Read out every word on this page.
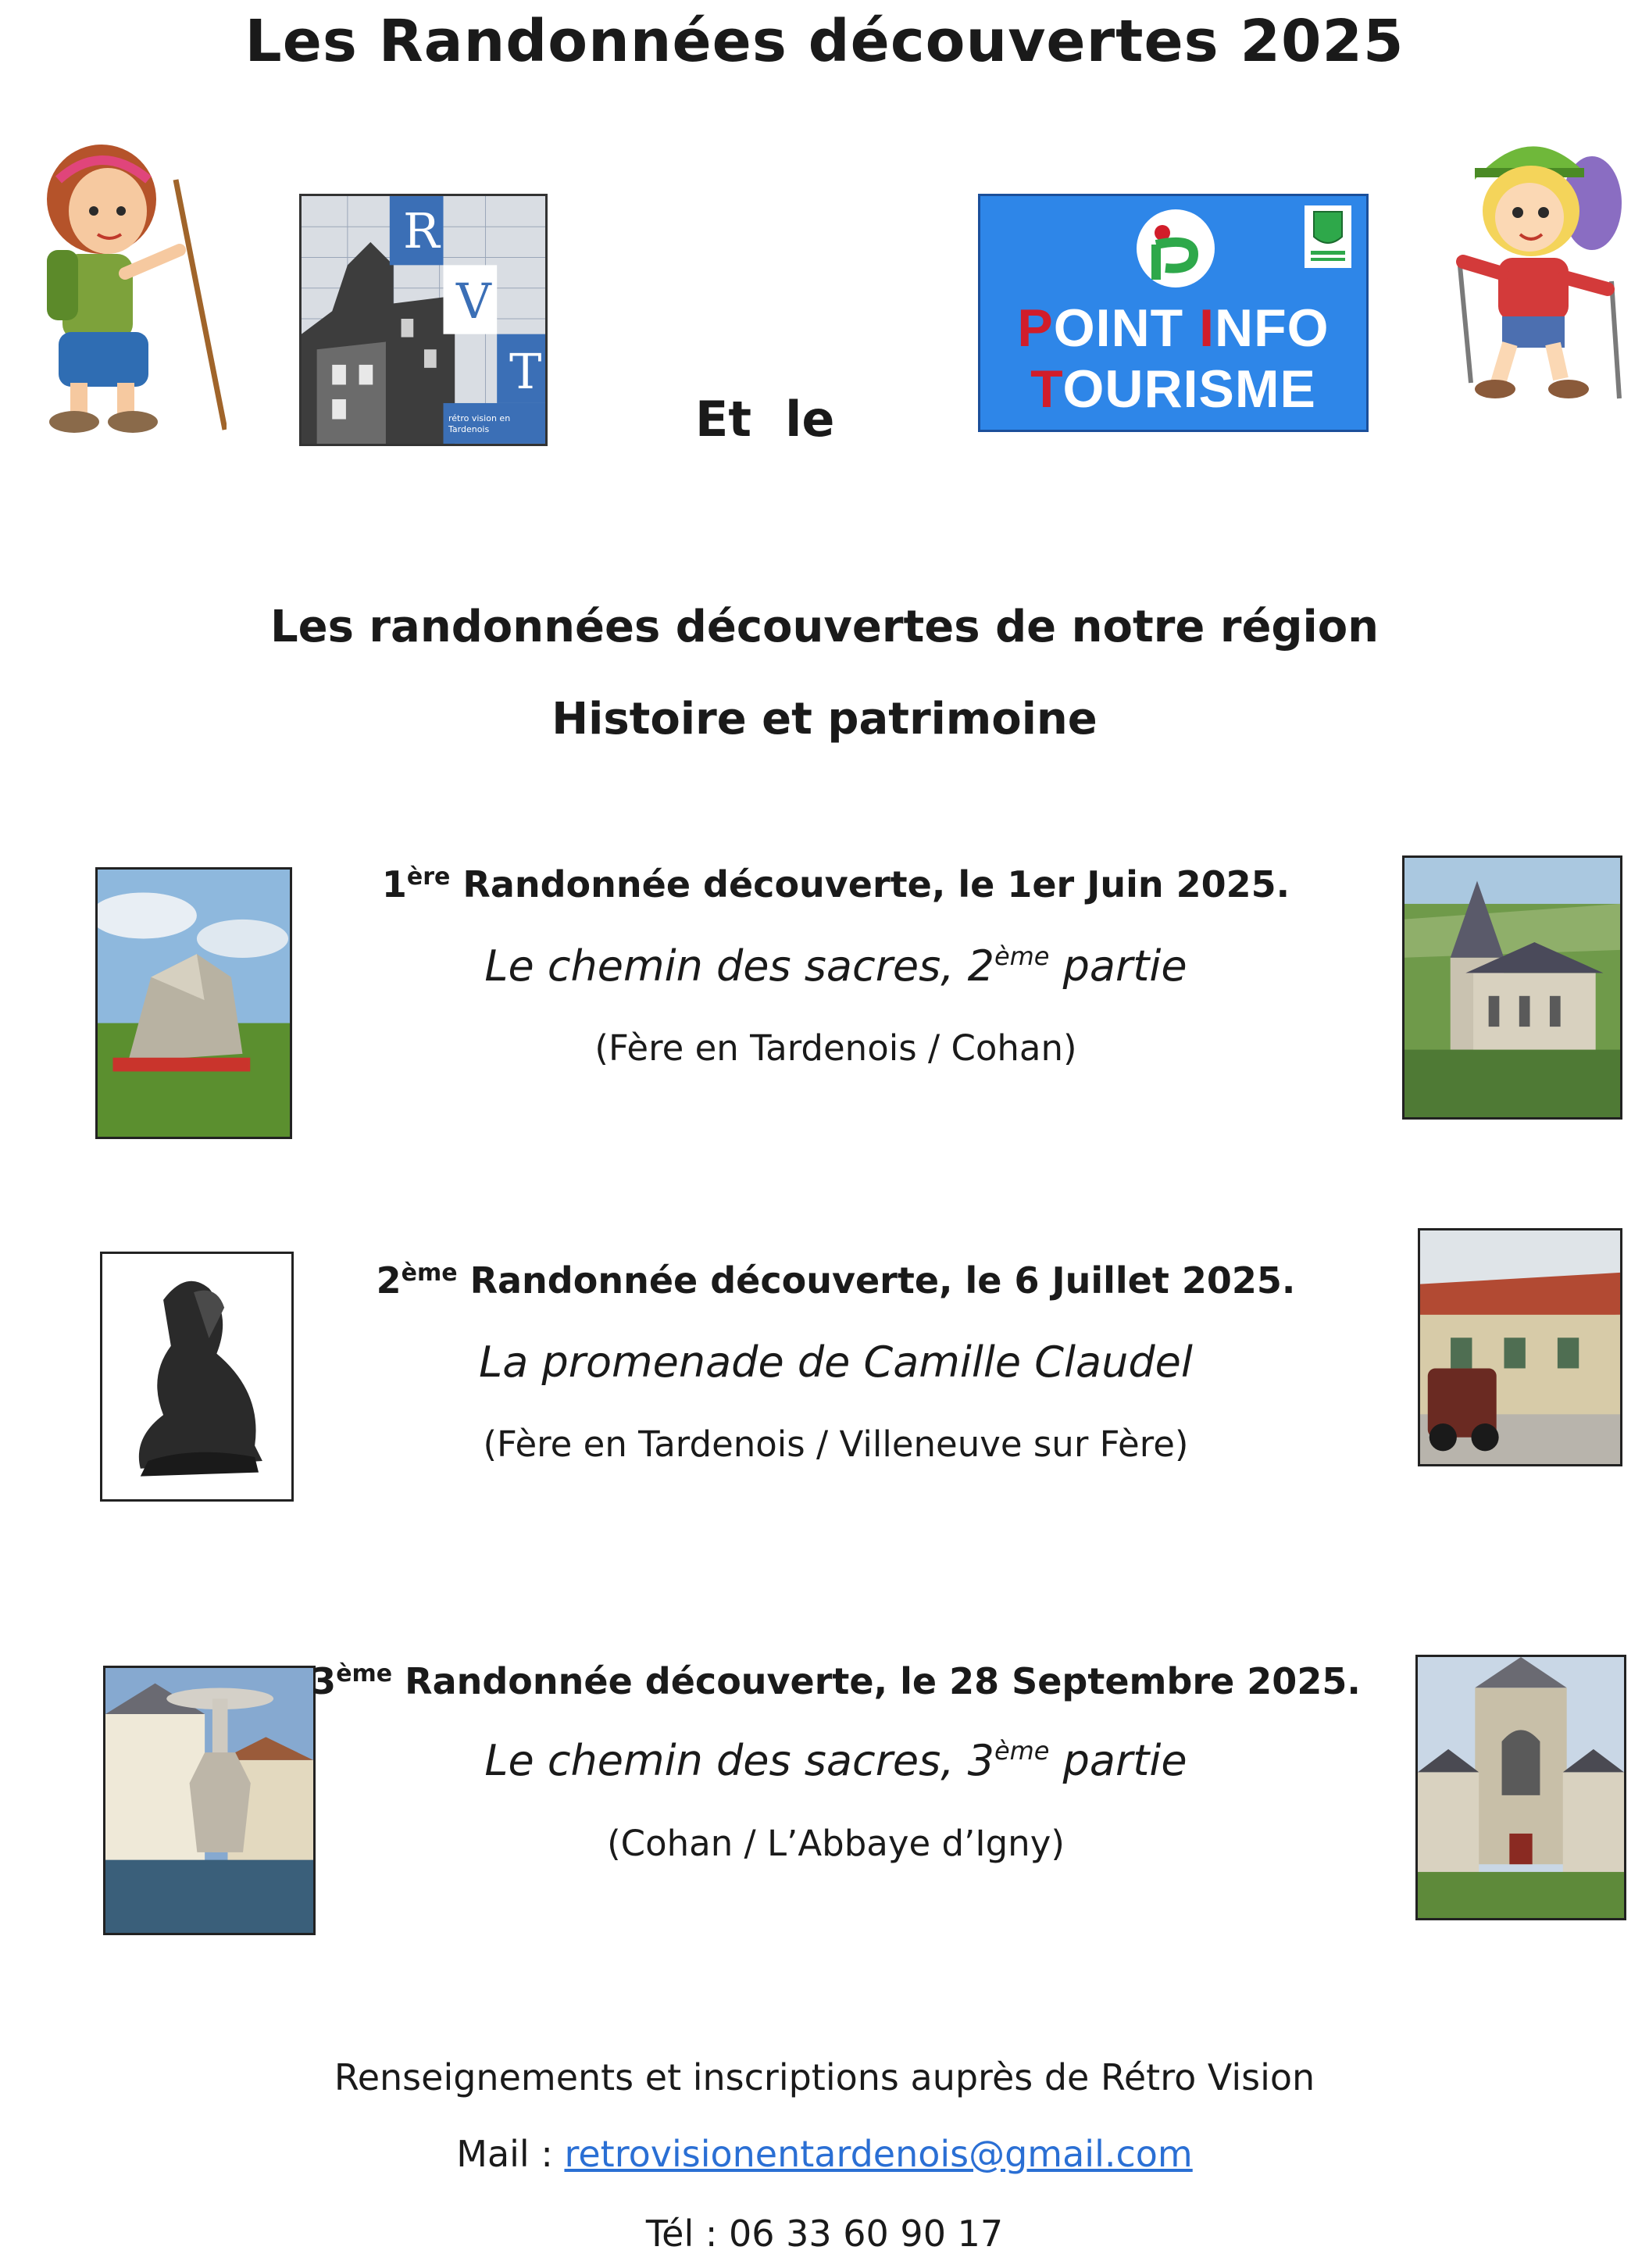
Les Randonnées découvertes 2025
R
V
T
rétro vision en Tardenois	Et  le
POINT INFO
TOURISME
Les randonnées découvertes de notre région
Histoire et patrimoine
1ère Randonnée découverte, le 1er Juin 2025.
Le chemin des sacres, 2ème partie
(Fère en Tardenois / Cohan)
2ème Randonnée découverte, le 6 Juillet 2025.
La promenade de Camille Claudel
(Fère en Tardenois / Villeneuve sur Fère)
3ème Randonnée découverte, le 28 Septembre 2025.
Le chemin des sacres, 3ème partie
(Cohan / L’Abbaye d’Igny)
Renseignements et inscriptions auprès de Rétro Vision
Mail : retrovisionentardenois@gmail.com
Tél : 06 33 60 90 17
